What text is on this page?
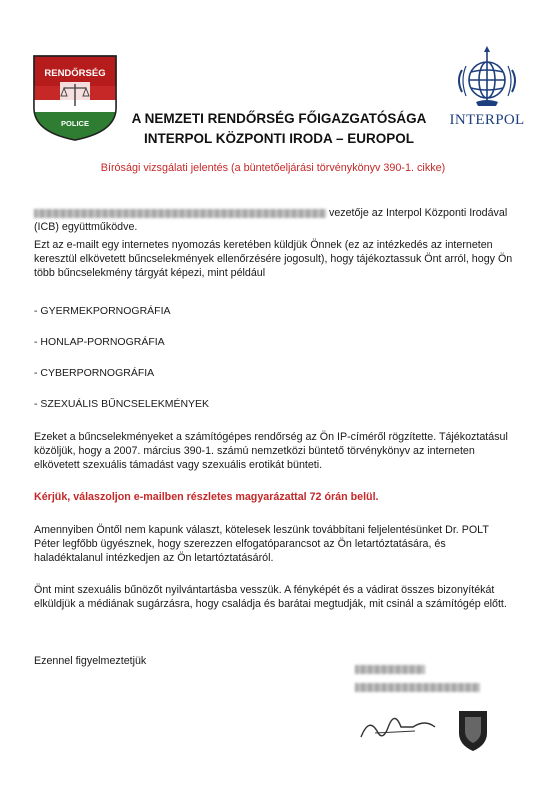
RENDŐRSÉG
POLICE	INTERPOL
A NEMZETI RENDŐRSÉG FŐIGAZGATÓSÁGA
INTERPOL KÖZPONTI IRODA – EUROPOL
Bírósági vizsgálati jelentés (a büntetőeljárási törvénykönyv 390-1. cikke)
vezetője az Interpol Központi Irodával
(ICB) együttműködve.
Ezt az e-mailt egy internetes nyomozás keretében küldjük Önnek (ez az intézkedés az interneten keresztül elkövetett bűncselekmények ellenőrzésére jogosult), hogy tájékoztassuk Önt arról, hogy Ön több bűncselekmény tárgyát képezi, mint például
- GYERMEKPORNOGRÁFIA
- HONLAP-PORNOGRÁFIA
- CYBERPORNOGRÁFIA
- SZEXUÁLIS BŰNCSELEKMÉNYEK
Ezeket a bűncselekményeket a számítógépes rendőrség az Ön IP-címéről rögzítette. Tájékoztatásul közöljük, hogy a 2007. március 390-1. számú nemzetközi büntető törvénykönyv az interneten elkövetett szexuális támadást vagy szexuális erotikát bünteti.
Kérjük, válaszoljon e-mailben részletes magyarázattal 72 órán belül.
Amennyiben Öntől nem kapunk választ, kötelesek leszünk továbbítani feljelentésünket Dr. POLT Péter legfőbb ügyésznek, hogy szerezzen elfogatóparancsot az Ön letartóztatására, és haladéktalanul intézkedjen az Ön letartóztatásáról.
Önt mint szexuális bűnözőt nyilvántartásba vesszük. A fényképét és a vádirat összes bizonyítékát elküldjük a médiának sugárzásra, hogy családja és barátai megtudják, mit csinál a számítógép előtt.
Ezennel figyelmeztetjük
